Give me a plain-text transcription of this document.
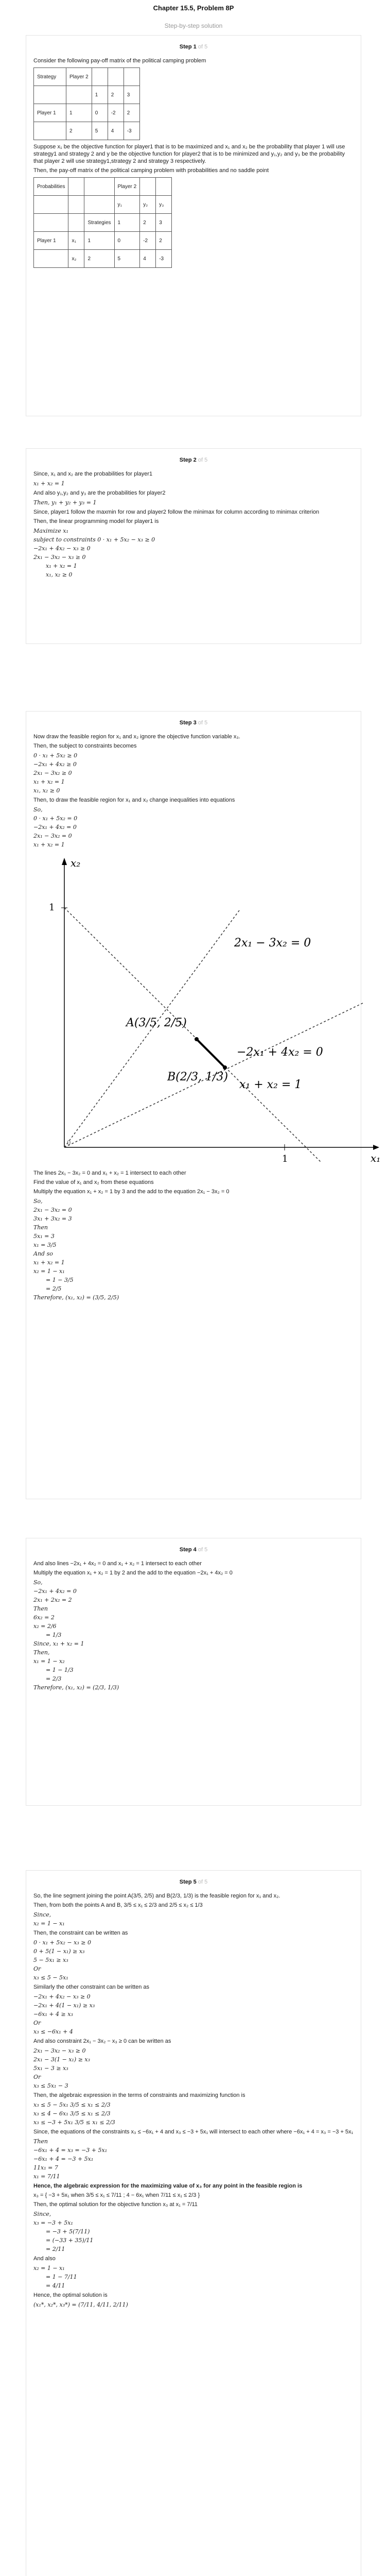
Chapter 15.5, Problem 8P
Step-by-step solution
Step 1 of 5
Consider the following pay-off matrix of the political camping problem
Strategy	Player 2			
		1	2	3
Player 1	1	0	-2	2
	2	5	4	-3
Suppose x₁ be the objective function for player1 that is to be maximized and x₁ and x₂ be the probability that player 1 will use strategy1 and strategy 2 and y be the objective function for player2 that is to be minimized and y₁,y₂ and y₃ be the probability that player 2 will use strategy1,strategy 2 and strategy 3 respectively.
Then, the pay-off matrix of the political camping problem with probabilities and no saddle point
Probabilities			Player 2		
			y₁	y₂	y₃
		Strategies	1	2	3
Player 1	x₁	1	0	-2	2
	x₂	2	5	4	-3
Step 2 of 5
Since, x₁ and x₂ are the probabilities for player1
x₁ + x₂ = 1
And also y₁,y₂ and y₃ are the probabilities for player2
Then, y₁ + y₂ + y₃ = 1
Since, player1 follow the maxmin for row and player2 follow the minimax for column according to minimax criterion
Then, the linear programming model for player1 is
Maximize x₁
subject to constraints 0 · x₁ + 5x₂ − x₃ ≥ 0
−2x₁ + 4x₂ − x₃ ≥ 0
2x₁ − 3x₂ − x₃ ≥ 0
x₁ + x₂ = 1
x₁, x₂ ≥ 0
Step 3 of 5
Now draw the feasible region for x₁ and x₂ ignore the objective function variable x₃.
Then, the subject to constraints becomes
0 · x₁ + 5x₂ ≥ 0
−2x₁ + 4x₂ ≥ 0
2x₁ − 3x₂ ≥ 0
x₁ + x₂ = 1
x₁, x₂ ≥ 0
Then, to draw the feasible region for x₁ and x₂ change inequalities into equations
So,
0 · x₁ + 5x₂ = 0
−2x₁ + 4x₂ = 0
2x₁ − 3x₂ = 0
x₁ + x₂ = 1
x₂
x₁
1
1
2x₁ − 3x₂ = 0
−2x₁ + 4x₂ = 0
x₁ + x₂ = 1
A(3/5, 2/5)
B(2/3, 1/3)
0
The lines 2x₁ − 3x₂ = 0 and x₁ + x₂ = 1 intersect to each other
Find the value of x₁ and x₂ from these equations
Multiply the equation x₁ + x₂ = 1 by 3 and the add to the equation 2x₁ − 3x₂ = 0
So,
2x₁ − 3x₂ = 0
3x₁ + 3x₂ = 3
Then
5x₁ = 3
x₁ = 3/5
And so
x₁ + x₂ = 1
x₂ = 1 − x₁
= 1 − 3/5
= 2/5
Therefore, (x₁, x₂) = (3/5, 2/5)
Step 4 of 5
And also lines −2x₁ + 4x₂ = 0 and x₁ + x₂ = 1 intersect to each other
Multiply the equation x₁ + x₂ = 1 by 2 and the add to the equation −2x₁ + 4x₂ = 0
So,
−2x₁ + 4x₂ = 0
2x₁ + 2x₂ = 2
Then
6x₂ = 2
x₂ = 2/6
= 1/3
Since, x₁ + x₂ = 1
Then,
x₁ = 1 − x₂
= 1 − 1/3
= 2/3
Therefore, (x₁, x₂) = (2/3, 1/3)
Step 5 of 5
So, the line segment joining the point A(3/5, 2/5) and B(2/3, 1/3) is the feasible region for x₁ and x₂.
Then, from both the points A and B, 3/5 ≤ x₁ ≤ 2/3 and 2/5 ≤ x₂ ≤ 1/3
Since,
x₂ = 1 − x₁
Then, the constraint can be written as
0 · x₁ + 5x₂ − x₃ ≥ 0
0 + 5(1 − x₁) ≥ x₃
5 − 5x₁ ≥ x₃
Or
x₃ ≤ 5 − 5x₁
Similarly the other constraint can be written as
−2x₁ + 4x₂ − x₃ ≥ 0
−2x₁ + 4(1 − x₁) ≥ x₃
−6x₁ + 4 ≥ x₃
Or
x₃ ≤ −6x₁ + 4
And also constraint 2x₁ − 3x₂ − x₃ ≥ 0 can be written as
2x₁ − 3x₂ − x₃ ≥ 0
2x₁ − 3(1 − x₁) ≥ x₃
5x₁ − 3 ≥ x₃
Or
x₃ ≤ 5x₁ − 3
Then, the algebraic expression in the terms of constraints and maximizing function is
x₃ ≤ 5 − 5x₁ 3/5 ≤ x₁ ≤ 2/3
x₃ ≤ 4 − 6x₁ 3/5 ≤ x₁ ≤ 2/3
x₃ ≤ −3 + 5x₁ 3/5 ≤ x₁ ≤ 2/3
Since, the equations of the constraints x₃ ≤ −6x₁ + 4 and x₃ ≤ −3 + 5x₁ will intersect to each other where −6x₁ + 4 = x₃ = −3 + 5x₁
Then
−6x₁ + 4 = x₃ = −3 + 5x₁
−6x₁ + 4 = −3 + 5x₁
11x₁ = 7
x₁ = 7/11
Hence, the algebraic expression for the maximizing value of x₃ for any point in the feasible region is
x₃ = { −3 + 5x₁ when 3/5 ≤ x₁ ≤ 7/11 ; 4 − 6x₁ when 7/11 ≤ x₁ ≤ 2/3 }
Then, the optimal solution for the objective function x₃ at x₁ = 7/11
Since,
x₃ = −3 + 5x₁
= −3 + 5(7/11)
= (−33 + 35)/11
= 2/11
And also
x₂ = 1 − x₁
= 1 − 7/11
= 4/11
Hence, the optimal solution is
(x₁*, x₂*, x₃*) = (7/11, 4/11, 2/11)
